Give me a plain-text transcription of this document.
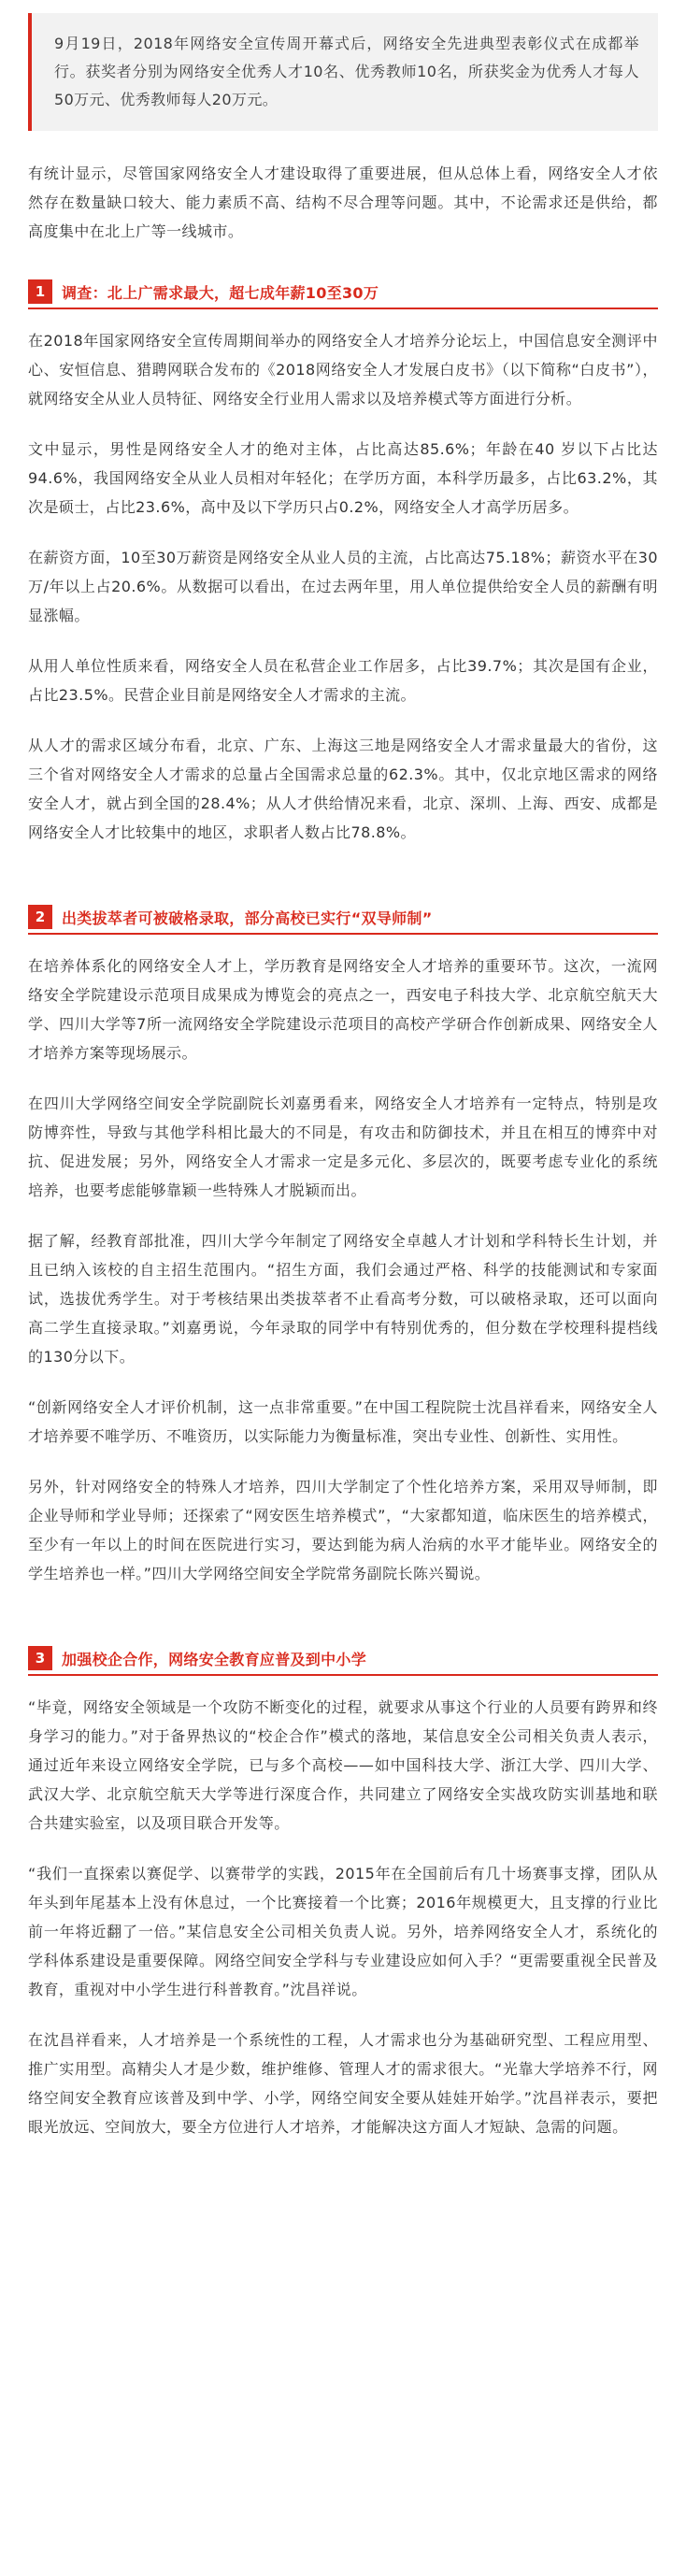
9月19日，2018年网络安全宣传周开幕式后，网络安全先进典型表彰仪式在成都举行。获奖者分别为网络安全优秀人才10名、优秀教师10名，所获奖金为优秀人才每人50万元、优秀教师每人20万元。

有统计显示，尽管国家网络安全人才建设取得了重要进展，但从总体上看，网络安全人才依然存在数量缺口较大、能力素质不高、结构不尽合理等问题。其中，不论需求还是供给，都高度集中在北上广等一线城市。

1	调查：北上广需求最大，超七成年薪10至30万

在2018年国家网络安全宣传周期间举办的网络安全人才培养分论坛上，中国信息安全测评中心、安恒信息、猎聘网联合发布的《2018网络安全人才发展白皮书》（以下简称“白皮书”），就网络安全从业人员特征、网络安全行业用人需求以及培养模式等方面进行分析。

文中显示，男性是网络安全人才的绝对主体，占比高达85.6%；年龄在40 岁以下占比达94.6%，我国网络安全从业人员相对年轻化；在学历方面，本科学历最多，占比63.2%，其次是硕士，占比23.6%，高中及以下学历只占0.2%，网络安全人才高学历居多。

在薪资方面，10至30万薪资是网络安全从业人员的主流，占比高达75.18%；薪资水平在30万/年以上占20.6%。从数据可以看出，在过去两年里，用人单位提供给安全人员的薪酬有明显涨幅。

从用人单位性质来看，网络安全人员在私营企业工作居多，占比39.7%；其次是国有企业，占比23.5%。民营企业目前是网络安全人才需求的主流。

从人才的需求区域分布看，北京、广东、上海这三地是网络安全人才需求量最大的省份，这三个省对网络安全人才需求的总量占全国需求总量的62.3%。其中，仅北京地区需求的网络安全人才，就占到全国的28.4%；从人才供给情况来看，北京、深圳、上海、西安、成都是网络安全人才比较集中的地区，求职者人数占比78.8%。

2	出类拔萃者可被破格录取，部分高校已实行“双导师制”

在培养体系化的网络安全人才上，学历教育是网络安全人才培养的重要环节。这次，一流网络安全学院建设示范项目成果成为博览会的亮点之一，西安电子科技大学、北京航空航天大学、四川大学等7所一流网络安全学院建设示范项目的高校产学研合作创新成果、网络安全人才培养方案等现场展示。

在四川大学网络空间安全学院副院长刘嘉勇看来，网络安全人才培养有一定特点，特别是攻防博弈性，导致与其他学科相比最大的不同是，有攻击和防御技术，并且在相互的博弈中对抗、促进发展；另外，网络安全人才需求一定是多元化、多层次的，既要考虑专业化的系统培养，也要考虑能够靠颖一些特殊人才脱颖而出。

据了解，经教育部批准，四川大学今年制定了网络安全卓越人才计划和学科特长生计划，并且已纳入该校的自主招生范围内。“招生方面，我们会通过严格、科学的技能测试和专家面试，选拔优秀学生。对于考核结果出类拔萃者不止看高考分数，可以破格录取，还可以面向高二学生直接录取。”刘嘉勇说，今年录取的同学中有特别优秀的，但分数在学校理科提档线的130分以下。

“创新网络安全人才评价机制，这一点非常重要。”在中国工程院院士沈昌祥看来，网络安全人才培养要不唯学历、不唯资历，以实际能力为衡量标准，突出专业性、创新性、实用性。

另外，针对网络安全的特殊人才培养，四川大学制定了个性化培养方案，采用双导师制，即企业导师和学业导师；还探索了“网安医生培养模式”，“大家都知道，临床医生的培养模式，至少有一年以上的时间在医院进行实习，要达到能为病人治病的水平才能毕业。网络安全的学生培养也一样。”四川大学网络空间安全学院常务副院长陈兴蜀说。

3	加强校企合作，网络安全教育应普及到中小学

“毕竟，网络安全领域是一个攻防不断变化的过程，就要求从事这个行业的人员要有跨界和终身学习的能力。”对于备界热议的“校企合作”模式的落地，某信息安全公司相关负责人表示，通过近年来设立网络安全学院，已与多个高校——如中国科技大学、浙江大学、四川大学、武汉大学、北京航空航天大学等进行深度合作，共同建立了网络安全实战攻防实训基地和联合共建实验室，以及项目联合开发等。

“我们一直探索以赛促学、以赛带学的实践，2015年在全国前后有几十场赛事支撑，团队从年头到年尾基本上没有休息过，一个比赛接着一个比赛；2016年规模更大，且支撑的行业比前一年将近翻了一倍。”某信息安全公司相关负责人说。另外，培养网络安全人才，系统化的学科体系建设是重要保障。网络空间安全学科与专业建设应如何入手？“更需要重视全民普及教育，重视对中小学生进行科普教育。”沈昌祥说。

在沈昌祥看来，人才培养是一个系统性的工程，人才需求也分为基础研究型、工程应用型、推广实用型。高精尖人才是少数，维护维修、管理人才的需求很大。“光靠大学培养不行，网络空间安全教育应该普及到中学、小学，网络空间安全要从娃娃开始学。”沈昌祥表示，要把眼光放远、空间放大，要全方位进行人才培养，才能解决这方面人才短缺、急需的问题。
